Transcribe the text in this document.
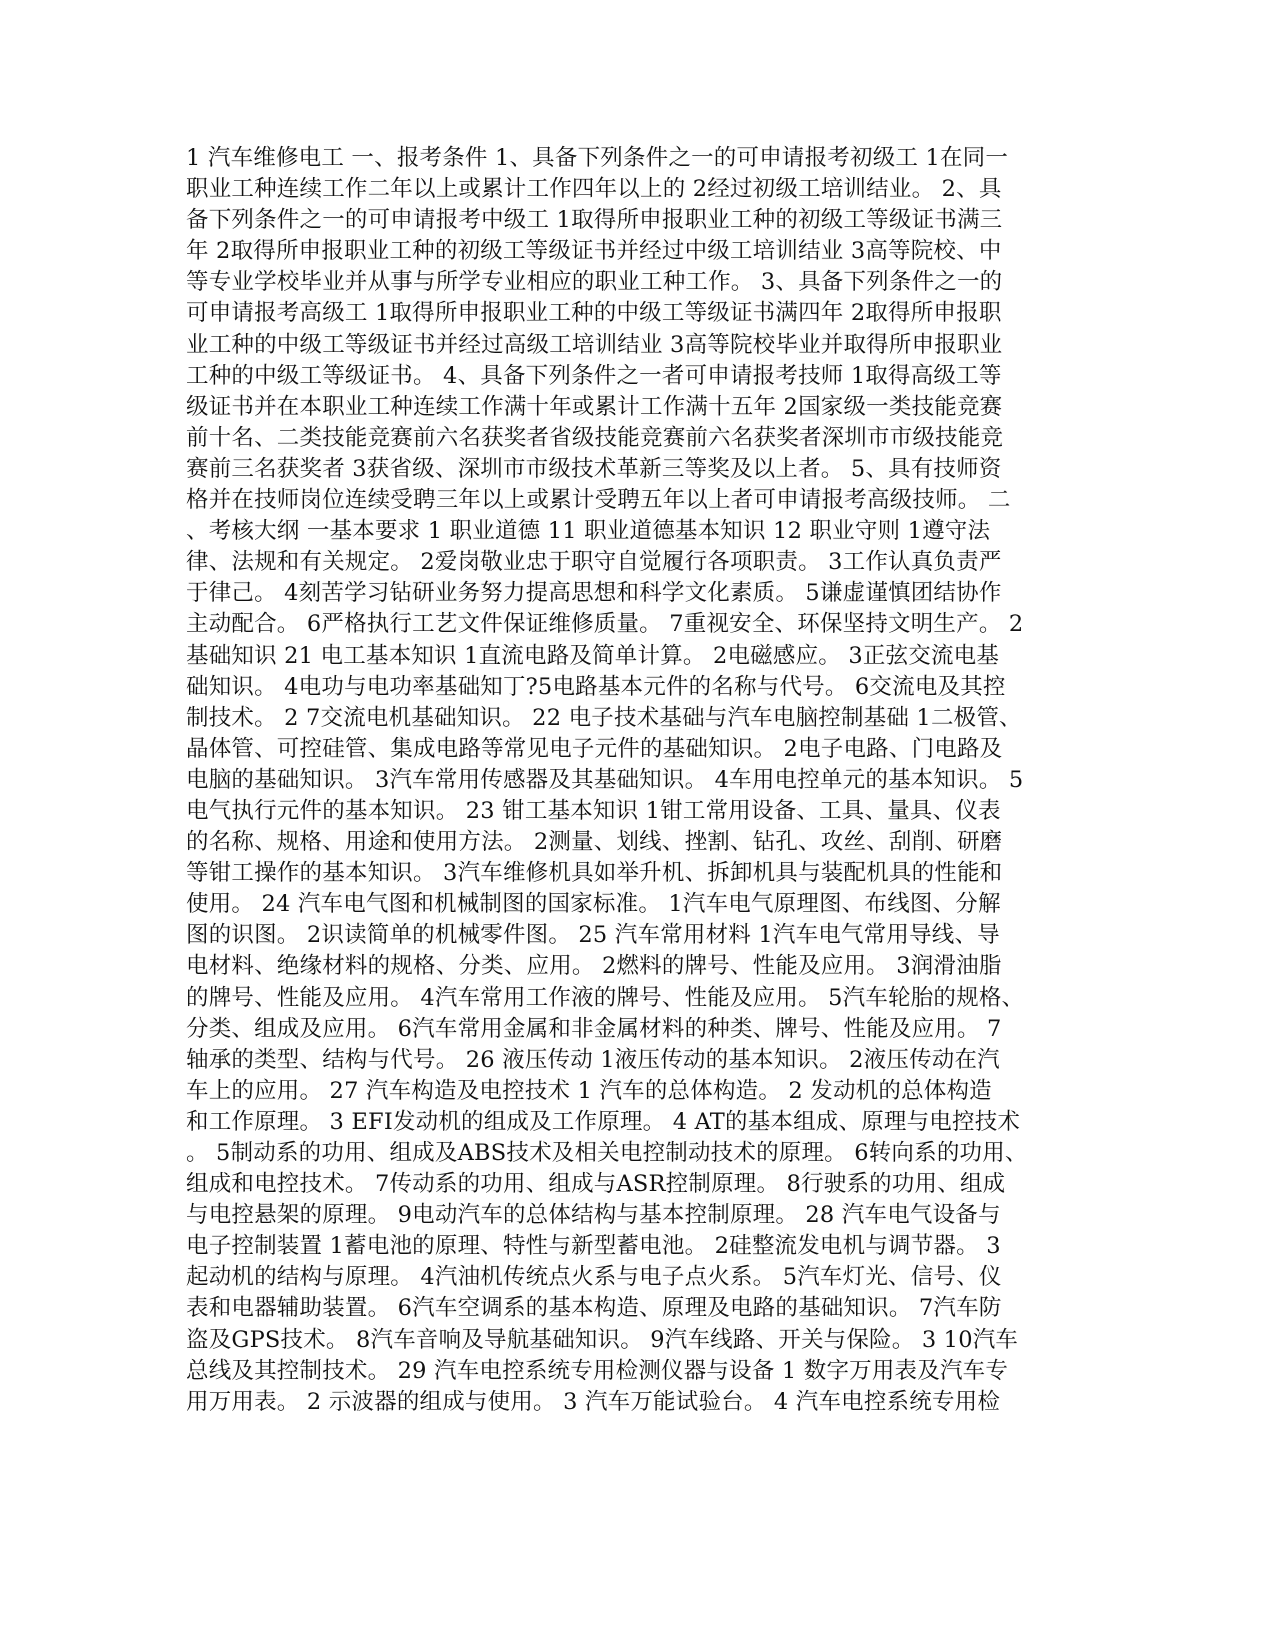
1 汽车维修电工 一、报考条件 1、具备下列条件之一的可申请报考初级工 1在同一
职业工种连续工作二年以上或累计工作四年以上的 2经过初级工培训结业。 2、具
备下列条件之一的可申请报考中级工 1取得所申报职业工种的初级工等级证书满三
年 2取得所申报职业工种的初级工等级证书并经过中级工培训结业 3高等院校、中
等专业学校毕业并从事与所学专业相应的职业工种工作。 3、具备下列条件之一的
可申请报考高级工 1取得所申报职业工种的中级工等级证书满四年 2取得所申报职
业工种的中级工等级证书并经过高级工培训结业 3高等院校毕业并取得所申报职业
工种的中级工等级证书。 4、具备下列条件之一者可申请报考技师 1取得高级工等
级证书并在本职业工种连续工作满十年或累计工作满十五年 2国家级一类技能竞赛
前十名、二类技能竞赛前六名获奖者省级技能竞赛前六名获奖者深圳市市级技能竞
赛前三名获奖者 3获省级、深圳市市级技术革新三等奖及以上者。 5、具有技师资
格并在技师岗位连续受聘三年以上或累计受聘五年以上者可申请报考高级技师。 二
、考核大纲 一基本要求 1 职业道德 11 职业道德基本知识 12 职业守则 1遵守法
律、法规和有关规定。 2爱岗敬业忠于职守自觉履行各项职责。 3工作认真负责严
于律己。 4刻苦学习钻研业务努力提高思想和科学文化素质。 5谦虚谨慎团结协作
主动配合。 6严格执行工艺文件保证维修质量。 7重视安全、环保坚持文明生产。 2
基础知识 21 电工基本知识 1直流电路及简单计算。 2电磁感应。 3正弦交流电基
础知识。 4电功与电功率基础知丁?5电路基本元件的名称与代号。 6交流电及其控
制技术。 2 7交流电机基础知识。 22 电子技术基础与汽车电脑控制基础 1二极管、
晶体管、可控硅管、集成电路等常见电子元件的基础知识。 2电子电路、门电路及
电脑的基础知识。 3汽车常用传感器及其基础知识。 4车用电控单元的基本知识。 5
电气执行元件的基本知识。 23 钳工基本知识 1钳工常用设备、工具、量具、仪表
的名称、规格、用途和使用方法。 2测量、划线、挫割、钻孔、攻丝、刮削、研磨
等钳工操作的基本知识。 3汽车维修机具如举升机、拆卸机具与装配机具的性能和
使用。 24 汽车电气图和机械制图的国家标准。 1汽车电气原理图、布线图、分解
图的识图。 2识读简单的机械零件图。 25 汽车常用材料 1汽车电气常用导线、导
电材料、绝缘材料的规格、分类、应用。 2燃料的牌号、性能及应用。 3润滑油脂
的牌号、性能及应用。 4汽车常用工作液的牌号、性能及应用。 5汽车轮胎的规格、
分类、组成及应用。 6汽车常用金属和非金属材料的种类、牌号、性能及应用。 7
轴承的类型、结构与代号。 26 液压传动 1液压传动的基本知识。 2液压传动在汽
车上的应用。 27 汽车构造及电控技术 1 汽车的总体构造。 2 发动机的总体构造
和工作原理。 3 EFI发动机的组成及工作原理。 4 AT的基本组成、原理与电控技术
。 5制动系的功用、组成及ABS技术及相关电控制动技术的原理。 6转向系的功用、
组成和电控技术。 7传动系的功用、组成与ASR控制原理。 8行驶系的功用、组成
与电控悬架的原理。 9电动汽车的总体结构与基本控制原理。 28 汽车电气设备与
电子控制装置 1蓄电池的原理、特性与新型蓄电池。 2硅整流发电机与调节器。 3
起动机的结构与原理。 4汽油机传统点火系与电子点火系。 5汽车灯光、信号、仪
表和电器辅助装置。 6汽车空调系的基本构造、原理及电路的基础知识。 7汽车防
盗及GPS技术。 8汽车音响及导航基础知识。 9汽车线路、开关与保险。 3 10汽车
总线及其控制技术。 29 汽车电控系统专用检测仪器与设备 1 数字万用表及汽车专
用万用表。 2 示波器的组成与使用。 3 汽车万能试验台。 4 汽车电控系统专用检
